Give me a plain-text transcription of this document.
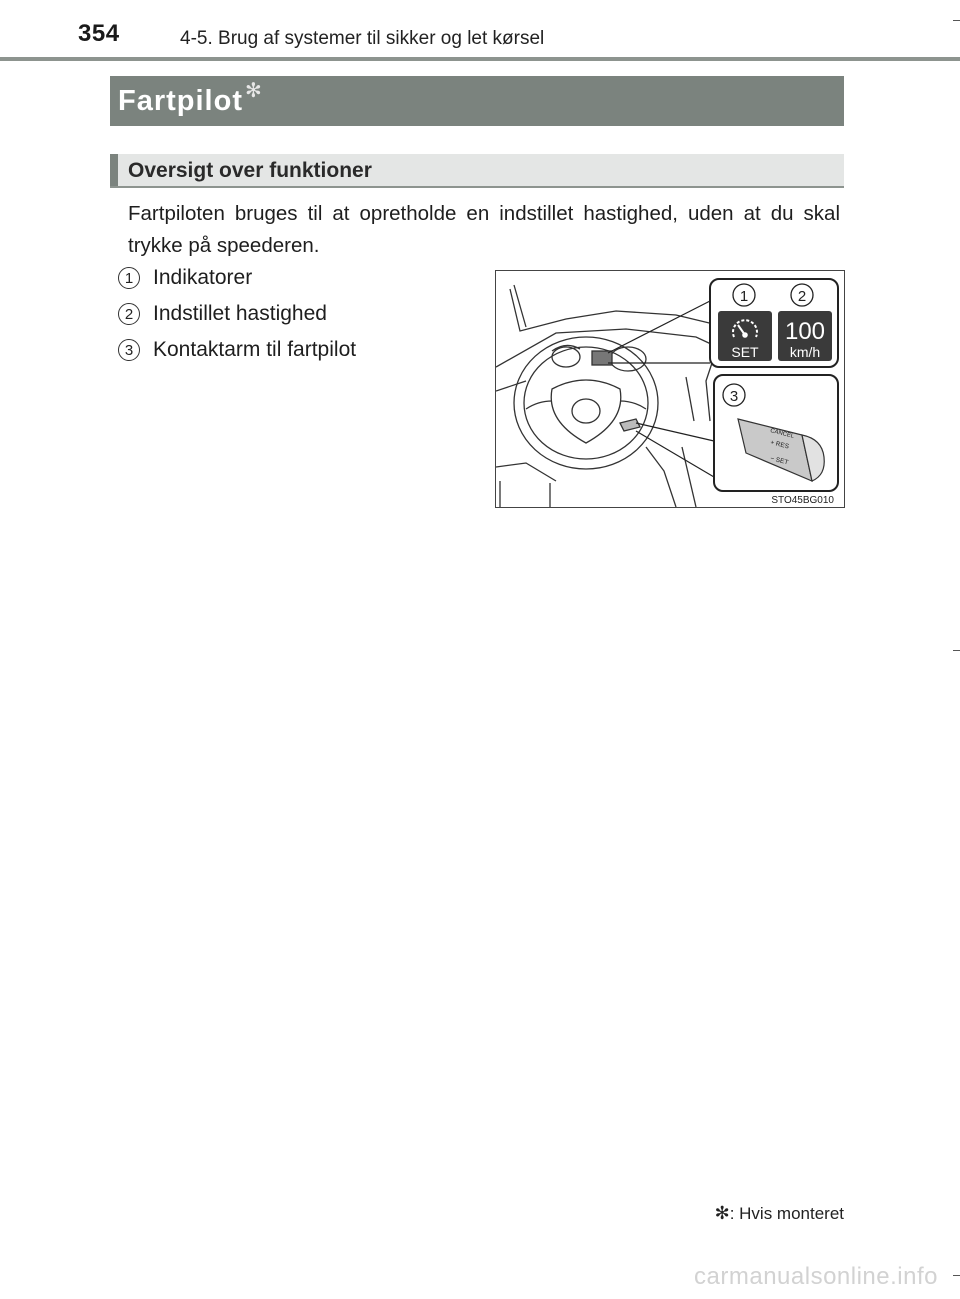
354	4-5. Brug af systemer til sikker og let kørsel
Fartpilot ✻
Oversigt over funktioner
Fartpiloten bruges til at opretholde en indstillet hastighed, uden at du skal trykke på speederen.
1 Indikatorer
2 Indstillet hastighed
3 Kontaktarm til fartpilot
1	2
SET
100
km/h
3
CANCEL
+ RES
− SET
STO45BG010
✻: Hvis monteret
carmanualsonline.info
